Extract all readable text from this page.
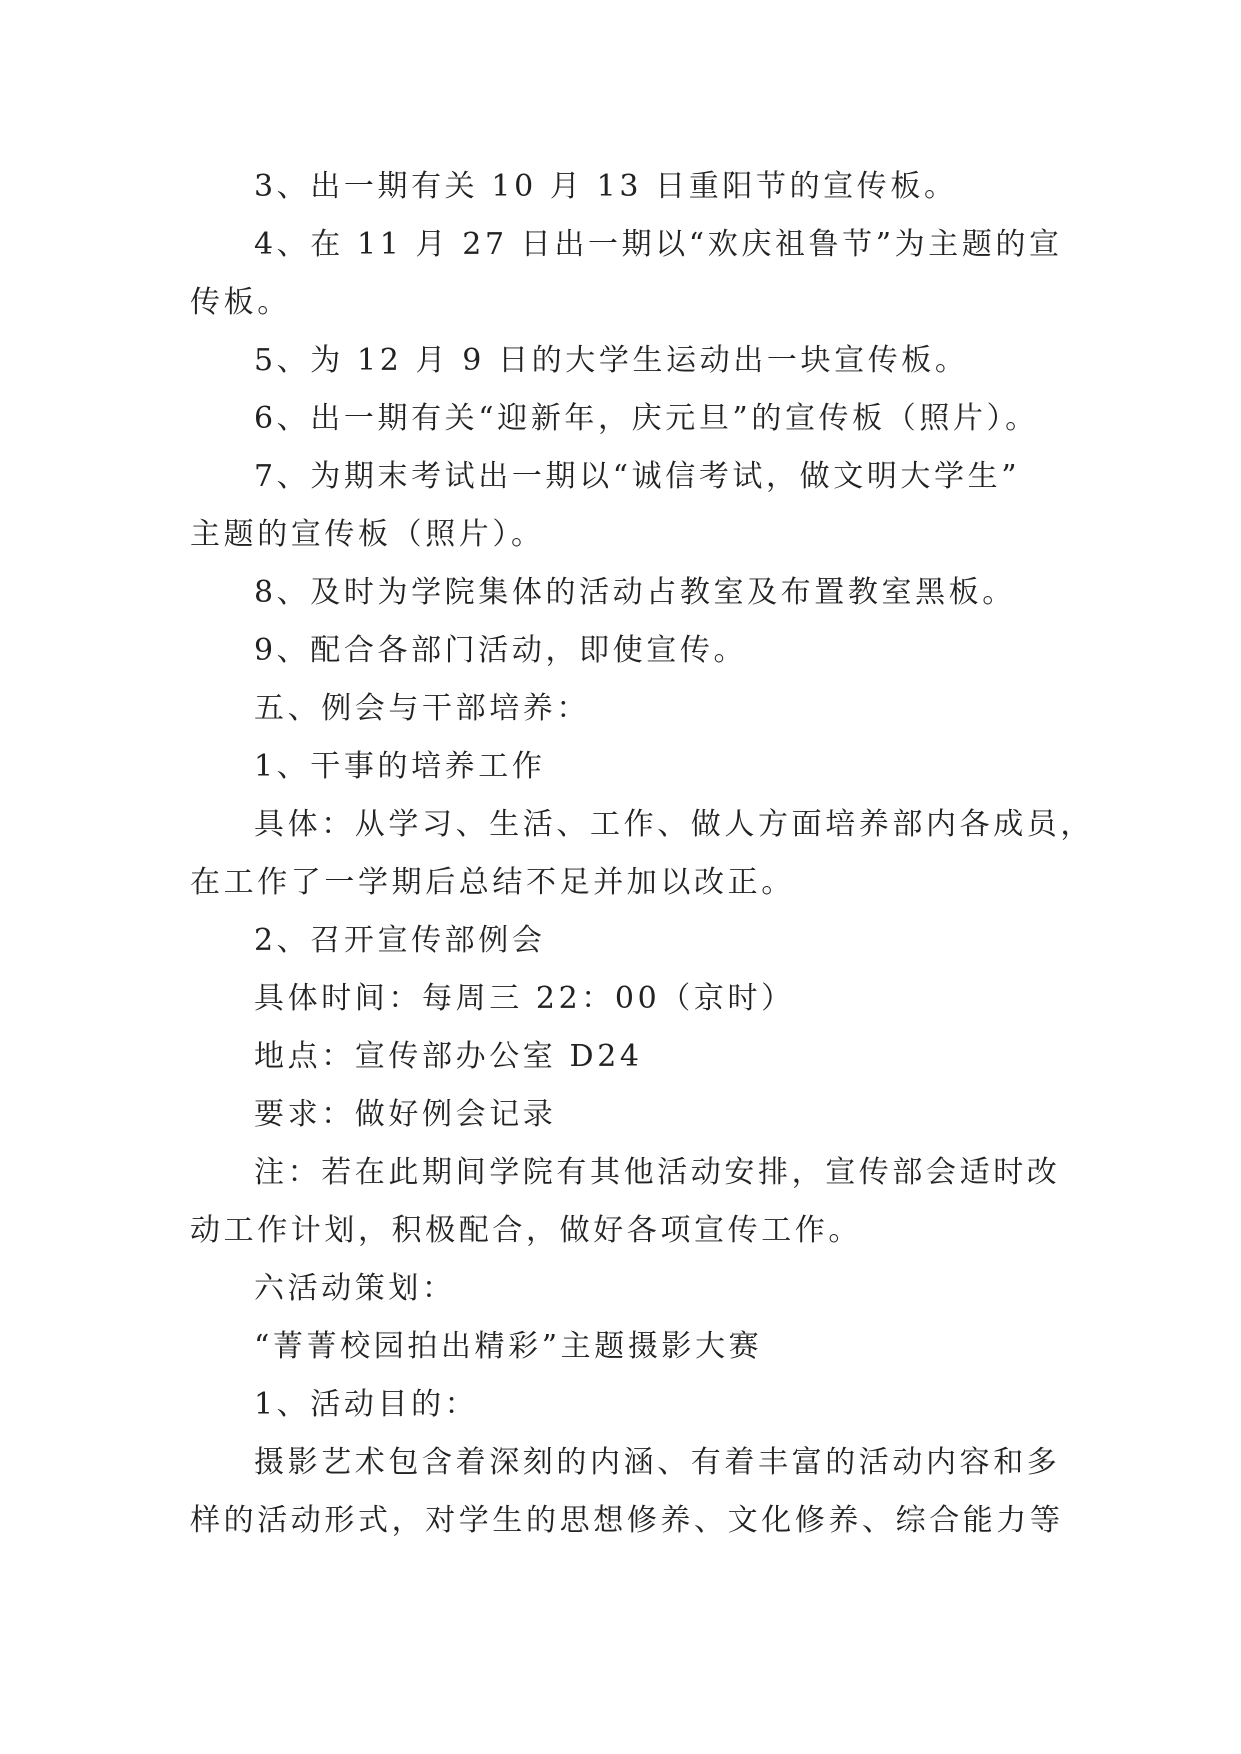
3、出一期有关 10 月 13 日重阳节的宣传板。

4、在 11 月 27 日出一期以“欢庆祖鲁节”为主题的宣

传板。

5、为 12 月 9 日的大学生运动出一块宣传板。

6、出一期有关“迎新年，庆元旦”的宣传板（照片）。

7、为期末考试出一期以“诚信考试，做文明大学生”

主题的宣传板（照片）。

8、及时为学院集体的活动占教室及布置教室黑板。

9、配合各部门活动，即使宣传。

五、例会与干部培养：

1、干事的培养工作

具体：从学习、生活、工作、做人方面培养部内各成员，

在工作了一学期后总结不足并加以改正。

2、召开宣传部例会

具体时间：每周三 22：00（京时）

地点：宣传部办公室 D24

要求：做好例会记录

注：若在此期间学院有其他活动安排，宣传部会适时改

动工作计划，积极配合，做好各项宣传工作。

六活动策划：

“菁菁校园拍出精彩”主题摄影大赛

1、活动目的：

摄影艺术包含着深刻的内涵、有着丰富的活动内容和多

样的活动形式，对学生的思想修养、文化修养、综合能力等
